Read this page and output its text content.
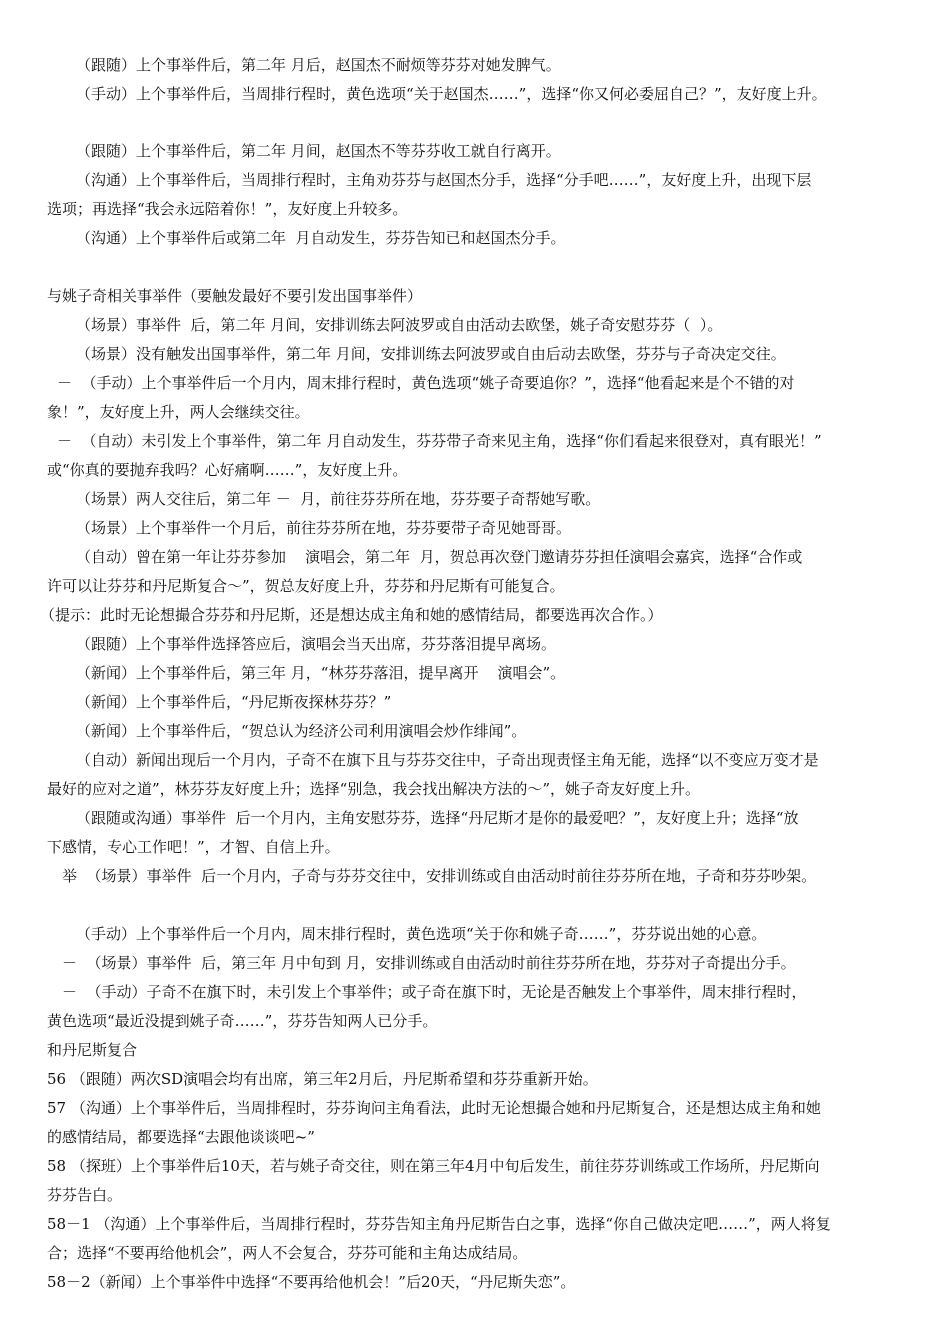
（跟随）上个事举件后，第二年 月后，赵国杰不耐烦等芬芬对她发脾气。
（手动）上个事举件后，当周排行程时，黄色选项“关于赵国杰……”，选择“你又何必委屈自己？”，友好度上升。
（跟随）上个事举件后，第二年 月间，赵国杰不等芬芬收工就自行离开。
（沟通）上个事举件后，当周排行程时，主角劝芬芬与赵国杰分手，选择“分手吧……”，友好度上升，出现下层
选项；再选择“我会永远陪着你！”，友好度上升较多。
（沟通）上个事举件后或第二年  月自动发生，芬芬告知已和赵国杰分手。
与姚子奇相关事举件（要触发最好不要引发出国事举件）
（场景）事举件  后，第二年 月间，安排训练去阿波罗或自由活动去欧堡，姚子奇安慰芬芬（  ）。
（场景）没有触发出国事举件，第二年 月间，安排训练去阿波罗或自由后动去欧堡，芬芬与子奇决定交往。
－  （手动）上个事举件后一个月内，周末排行程时，黄色选项“姚子奇要追你？”，选择“他看起来是个不错的对
象！”，友好度上升，两人会继续交往。
－  （自动）未引发上个事举件，第二年 月自动发生，芬芬带子奇来见主角，选择“你们看起来很登对，真有眼光！”
或“你真的要抛弃我吗？心好痛啊……”，友好度上升。
（场景）两人交往后，第二年 －  月，前往芬芬所在地，芬芬要子奇帮她写歌。
（场景）上个事举件一个月后，前往芬芬所在地，芬芬要带子奇见她哥哥。
（自动）曾在第一年让芬芬参加    演唱会，第二年  月，贺总再次登门邀请芬芬担任演唱会嘉宾，选择“合作或
许可以让芬芬和丹尼斯复合～”，贺总友好度上升，芬芬和丹尼斯有可能复合。
（提示：此时无论想撮合芬芬和丹尼斯，还是想达成主角和她的感情结局，都要选再次合作。）
（跟随）上个事举件选择答应后，演唱会当天出席，芬芬落泪提早离场。
（新闻）上个事举件后，第三年 月，“林芬芬落泪，提早离开    演唱会”。
（新闻）上个事举件后，“丹尼斯夜探林芬芬？”
（新闻）上个事举件后，“贺总认为经济公司利用演唱会炒作绯闻”。
（自动）新闻出现后一个月内，子奇不在旗下且与芬芬交往中，子奇出现责怪主角无能，选择“以不变应万变才是
最好的应对之道”，林芬芬友好度上升；选择“别急，我会找出解决方法的～”，姚子奇友好度上升。
（跟随或沟通）事举件  后一个月内，主角安慰芬芬，选择“丹尼斯才是你的最爱吧？”，友好度上升；选择“放
下感情，专心工作吧！”，才智、自信上升。
举  （场景）事举件  后一个月内，子奇与芬芬交往中，安排训练或自由活动时前往芬芬所在地，子奇和芬芬吵架。
（手动）上个事举件后一个月内，周末排行程时，黄色选项“关于你和姚子奇……”，芬芬说出她的心意。
－  （场景）事举件  后，第三年 月中旬到 月，安排训练或自由活动时前往芬芬所在地，芬芬对子奇提出分手。
－  （手动）子奇不在旗下时，未引发上个事举件；或子奇在旗下时，无论是否触发上个事举件，周末排行程时，
黄色选项“最近没提到姚子奇……”，芬芬告知两人已分手。
和丹尼斯复合
56 （跟随）两次SD演唱会均有出席，第三年2月后，丹尼斯希望和芬芬重新开始。
57 （沟通）上个事举件后，当周排程时，芬芬询问主角看法，此时无论想撮合她和丹尼斯复合，还是想达成主角和她
的感情结局，都要选择“去跟他谈谈吧~”
58 （探班）上个事举件后10天，若与姚子奇交往，则在第三年4月中旬后发生，前往芬芬训练或工作场所，丹尼斯向
芬芬告白。
58－1 （沟通）上个事举件后，当周排行程时，芬芬告知主角丹尼斯告白之事，选择“你自己做决定吧……”，两人将复
合；选择“不要再给他机会”，两人不会复合，芬芬可能和主角达成结局。
58－2（新闻）上个事举件中选择“不要再给他机会！”后20天，“丹尼斯失恋”。
